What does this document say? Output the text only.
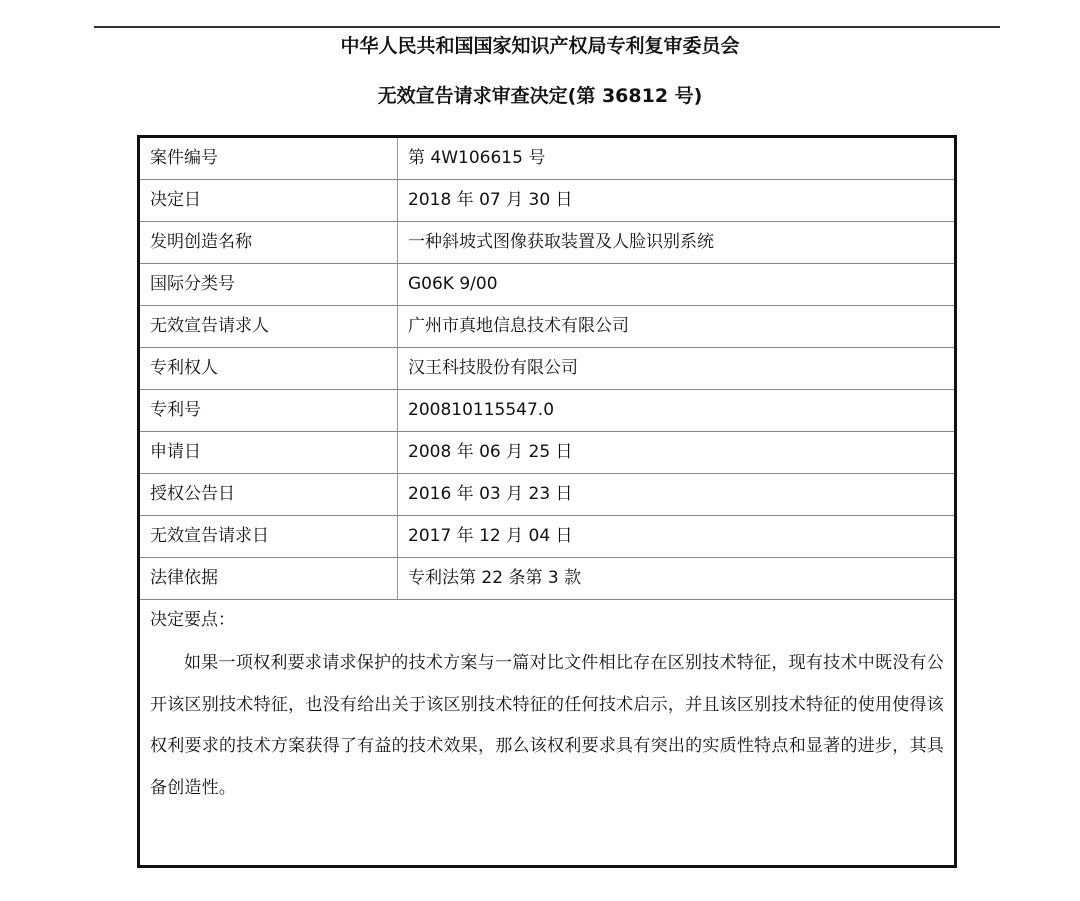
中华人民共和国国家知识产权局专利复审委员会
无效宣告请求审查决定(第 36812 号)
案件编号	第 4W106615 号
决定日	2018 年 07 月 30 日
发明创造名称	一种斜坡式图像获取装置及人脸识别系统
国际分类号	G06K 9/00
无效宣告请求人	广州市真地信息技术有限公司
专利权人	汉王科技股份有限公司
专利号	200810115547.0
申请日	2008 年 06 月 25 日
授权公告日	2016 年 03 月 23 日
无效宣告请求日	2017 年 12 月 04 日
法律依据	专利法第 22 条第 3 款
决定要点：
如果一项权利要求请求保护的技术方案与一篇对比文件相比存在区别技术特征，现有技术中既没有公开该区别技术特征，也没有给出关于该区别技术特征的任何技术启示，并且该区别技术特征的使用使得该权利要求的技术方案获得了有益的技术效果，那么该权利要求具有突出的实质性特点和显著的进步，其具备创造性。
